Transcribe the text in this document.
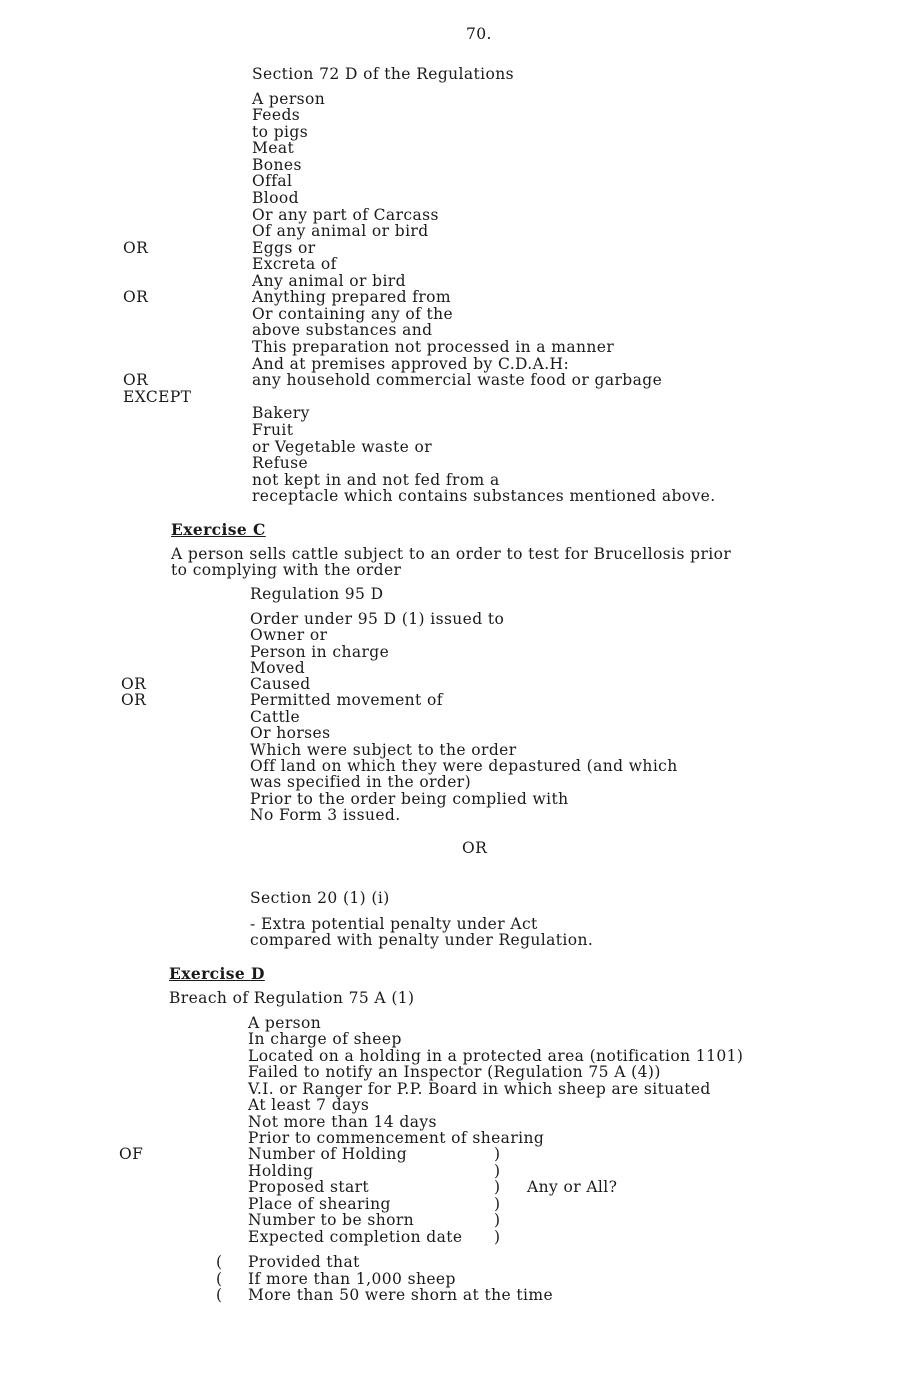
70.
Section 72 D of the Regulations
A person
Feeds
to pigs
Meat
Bones
Offal
Blood
Or any part of Carcass
Of any animal or bird
OR	Eggs or
Excreta of
Any animal or bird
OR	Anything prepared from
Or containing any of the
above substances and
This preparation not processed in a manner
And at premises approved by C.D.A.H:
OR	any household commercial waste food or garbage
EXCEPT
Bakery
Fruit
or Vegetable waste or
Refuse
not kept in and not fed from a
receptacle which contains substances mentioned above.
Exercise C
A person sells cattle subject to an order to test for Brucellosis prior
to complying with the order
Regulation 95 D
Order under 95 D (1) issued to
Owner or
Person in charge
Moved
OR	Caused
OR	Permitted movement of
Cattle
Or horses
Which were subject to the order
Off land on which they were depastured (and which
was specified in the order)
Prior to the order being complied with
No Form 3 issued.
OR
Section 20 (1) (i)
- Extra potential penalty under Act
compared with penalty under Regulation.
Exercise D
Breach of Regulation 75 A (1)
A person
In charge of sheep
Located on a holding in a protected area (notification 1101)
Failed to notify an Inspector (Regulation 75 A (4))
V.I. or Ranger for P.P. Board in which sheep are situated
At least 7 days
Not more than 14 days
Prior to commencement of shearing
OF	Number of Holding	)
Holding	)
Proposed start	) Any or All?
Place of shearing	)
Number to be shorn	)
Expected completion date )
( Provided that
( If more than 1,000 sheep
( More than 50 were shorn at the time
